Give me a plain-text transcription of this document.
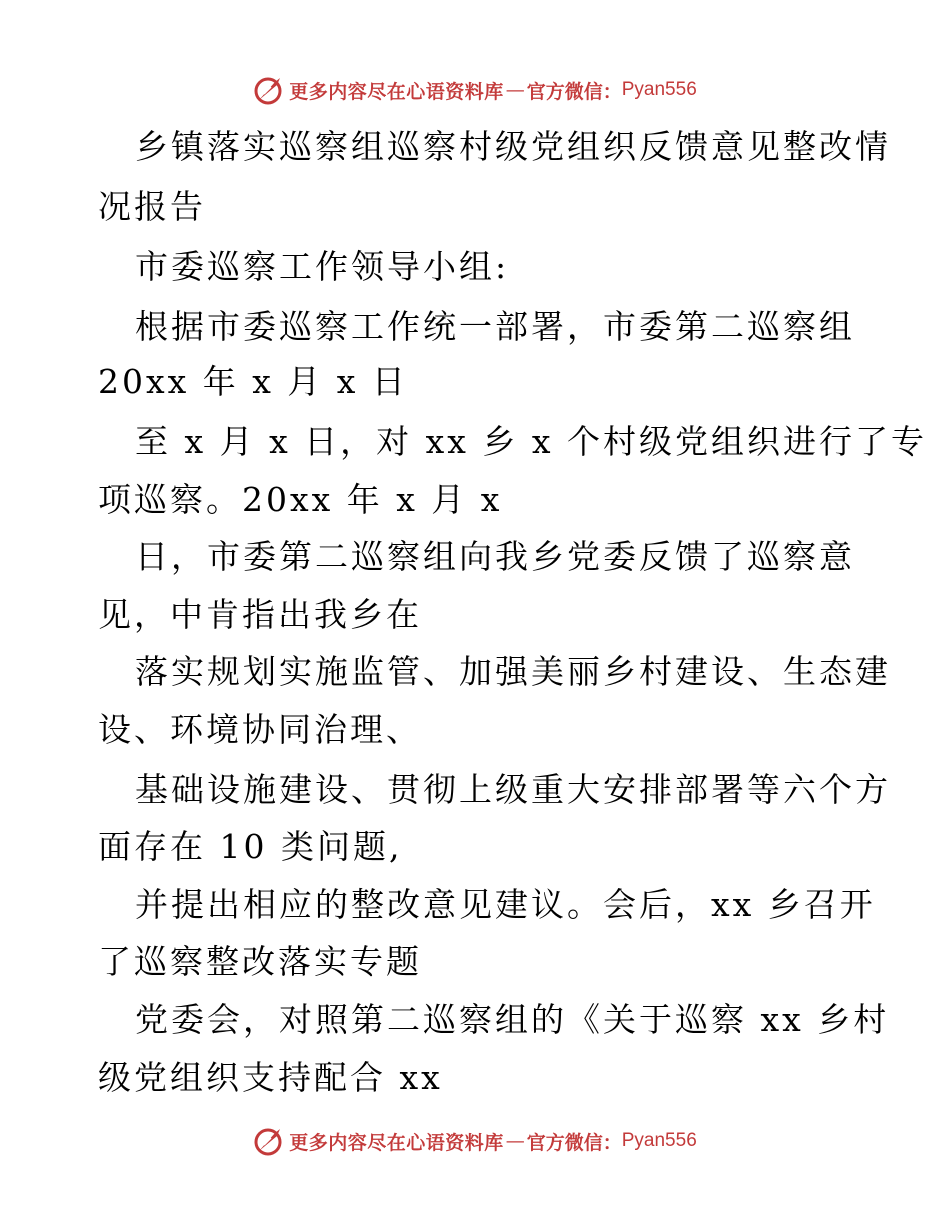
更多内容尽在心语资料库 — 官方微信： Pyan556
乡镇落实巡察组巡察村级党组织反馈意见整改情
况报告
市委巡察工作领导小组:
根据市委巡察工作统一部署，市委第二巡察组
20xx 年 x 月 x 日
至 x 月 x 日，对 xx 乡 x 个村级党组织进行了专
项巡察。20xx 年 x 月 x
日，市委第二巡察组向我乡党委反馈了巡察意
见，中肯指出我乡在
落实规划实施监管、加强美丽乡村建设、生态建
设、环境协同治理、
基础设施建设、贯彻上级重大安排部署等六个方
面存在 10 类问题,
并提出相应的整改意见建议。会后，xx 乡召开
了巡察整改落实专题
党委会，对照第二巡察组的《关于巡察 xx 乡村
级党组织支持配合 xx
更多内容尽在心语资料库 — 官方微信： Pyan556
